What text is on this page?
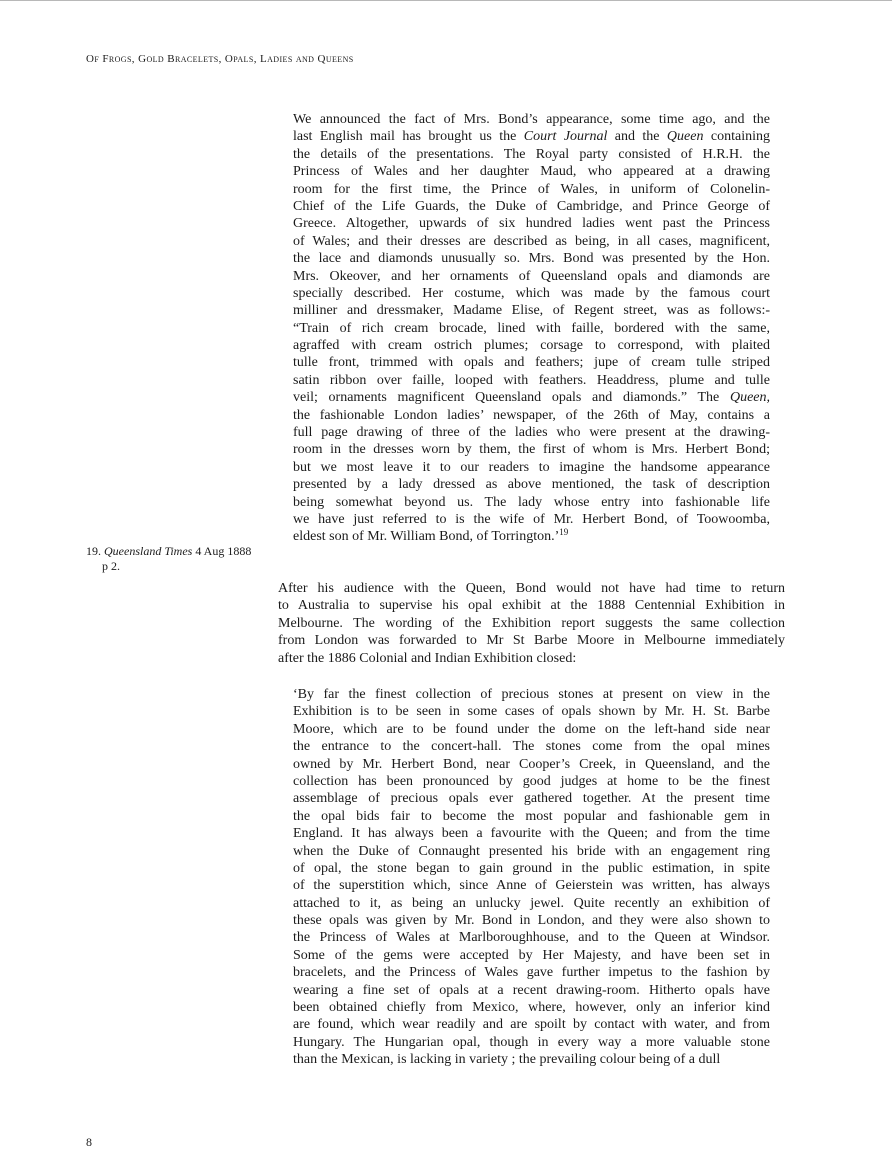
Of Frogs, Gold Bracelets, Opals, Ladies and Queens
We announced the fact of Mrs. Bond’s appearance, some time ago, and the
last English mail has brought us the Court Journal and the Queen containing
the details of the presentations. The Royal party consisted of H.R.H. the
Princess of Wales and her daughter Maud, who appeared at a drawing
room for the first time, the Prince of Wales, in uniform of Colonelin-
Chief of the Life Guards, the Duke of Cambridge, and Prince George of
Greece. Altogether, upwards of six hundred ladies went past the Princess
of Wales; and their dresses are described as being, in all cases, magnificent,
the lace and diamonds unusually so. Mrs. Bond was presented by the Hon.
Mrs. Okeover, and her ornaments of Queensland opals and diamonds are
specially described. Her costume, which was made by the famous court
milliner and dressmaker, Madame Elise, of Regent street, was as follows:-
“Train of rich cream brocade, lined with faille, bordered with the same,
agraffed with cream ostrich plumes; corsage to correspond, with plaited
tulle front, trimmed with opals and feathers; jupe of cream tulle striped
satin ribbon over faille, looped with feathers. Headdress, plume and tulle
veil; ornaments magnificent Queensland opals and diamonds.” The Queen,
the fashionable London ladies’ newspaper, of the 26th of May, contains a
full page drawing of three of the ladies who were present at the drawing-
room in the dresses worn by them, the first of whom is Mrs. Herbert Bond;
but we most leave it to our readers to imagine the handsome appearance
presented by a lady dressed as above mentioned, the task of description
being somewhat beyond us. The lady whose entry into fashionable life
we have just referred to is the wife of Mr. Herbert Bond, of Toowoomba,
eldest son of Mr. William Bond, of Torrington.’$^{19}$
19. Queensland Times 4 Aug 1888
p 2.
After his audience with the Queen, Bond would not have had time to return
to Australia to supervise his opal exhibit at the 1888 Centennial Exhibition in
Melbourne. The wording of the Exhibition report suggests the same collection
from London was forwarded to Mr St Barbe Moore in Melbourne immediately
after the 1886 Colonial and Indian Exhibition closed:
‘By far the finest collection of precious stones at present on view in the
Exhibition is to be seen in some cases of opals shown by Mr. H. St. Barbe
Moore, which are to be found under the dome on the left-hand side near
the entrance to the concert-hall. The stones come from the opal mines
owned by Mr. Herbert Bond, near Cooper’s Creek, in Queensland, and the
collection has been pronounced by good judges at home to be the finest
assemblage of precious opals ever gathered together. At the present time
the opal bids fair to become the most popular and fashionable gem in
England. It has always been a favourite with the Queen; and from the time
when the Duke of Connaught presented his bride with an engagement ring
of opal, the stone began to gain ground in the public estimation, in spite
of the superstition which, since Anne of Geierstein was written, has always
attached to it, as being an unlucky jewel. Quite recently an exhibition of
these opals was given by Mr. Bond in London, and they were also shown to
the Princess of Wales at Marlboroughhouse, and to the Queen at Windsor.
Some of the gems were accepted by Her Majesty, and have been set in
bracelets, and the Princess of Wales gave further impetus to the fashion by
wearing a fine set of opals at a recent drawing-room. Hitherto opals have
been obtained chiefly from Mexico, where, however, only an inferior kind
are found, which wear readily and are spoilt by contact with water, and from
Hungary. The Hungarian opal, though in every way a more valuable stone
than the Mexican, is lacking in variety ; the prevailing colour being of a dull
8
